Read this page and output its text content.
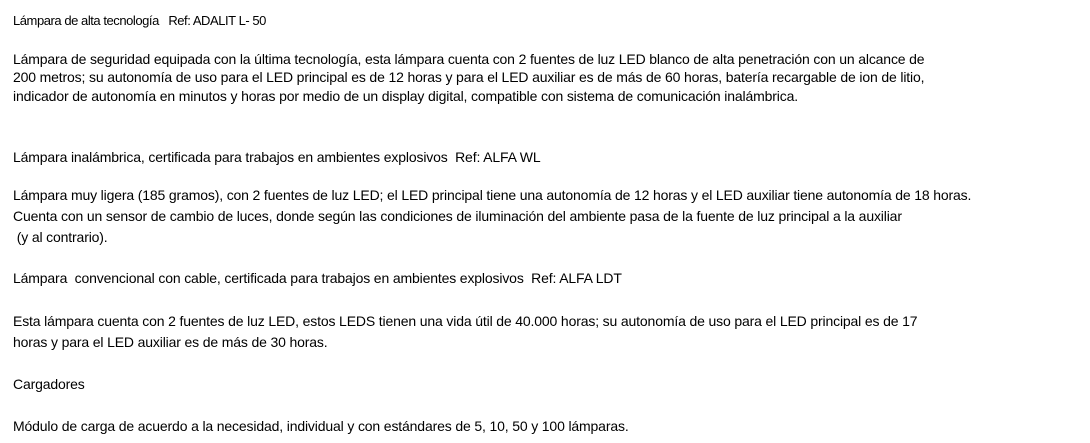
Lámpara de alta tecnología   Ref: ADALIT L- 50
Lámpara de seguridad equipada con la última tecnología, esta lámpara cuenta con 2 fuentes de luz LED blanco de alta penetración con un alcance de
200 metros; su autonomía de uso para el LED principal es de 12 horas y para el LED auxiliar es de más de 60 horas, batería recargable de ion de litio,
indicador de autonomía en minutos y horas por medio de un display digital, compatible con sistema de comunicación inalámbrica.
Lámpara inalámbrica, certificada para trabajos en ambientes explosivos  Ref: ALFA WL
Lámpara muy ligera (185 gramos), con 2 fuentes de luz LED; el LED principal tiene una autonomía de 12 horas y el LED auxiliar tiene autonomía de 18 horas.
Cuenta con un sensor de cambio de luces, donde según las condiciones de iluminación del ambiente pasa de la fuente de luz principal a la auxiliar
(y al contrario).
Lámpara  convencional con cable, certificada para trabajos en ambientes explosivos  Ref: ALFA LDT
Esta lámpara cuenta con 2 fuentes de luz LED, estos LEDS tienen una vida útil de 40.000 horas; su autonomía de uso para el LED principal es de 17
horas y para el LED auxiliar es de más de 30 horas.
Cargadores
Módulo de carga de acuerdo a la necesidad, individual y con estándares de 5, 10, 50 y 100 lámparas.
